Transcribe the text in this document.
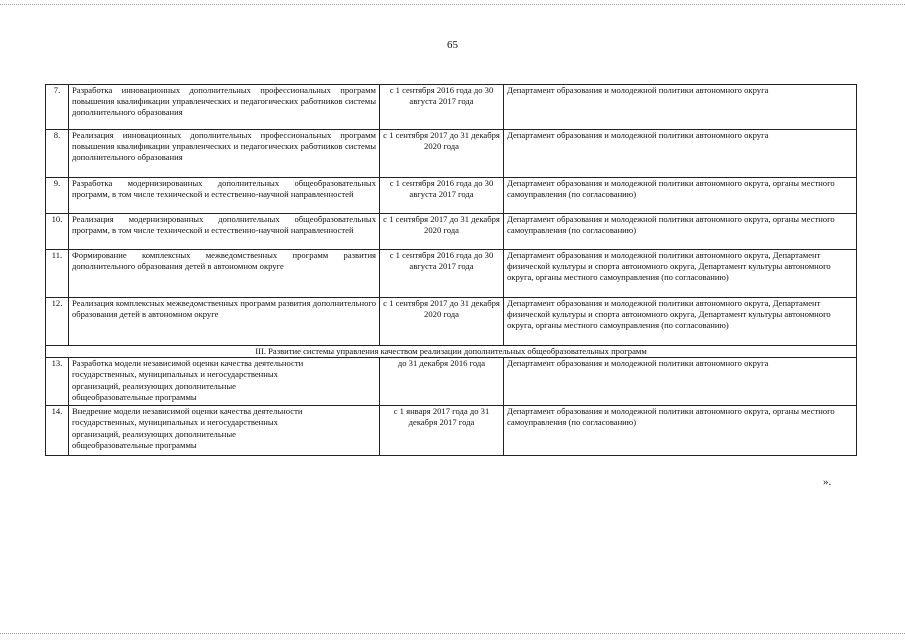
65
7.	Разработка инновационных дополнительных профессиональных программ повышения квалификации управленческих и педагогических работников системы дополнительного образования	с 1 сентября 2016 года до 30 августа 2017 года	Департамент образования и молодежной политики автономного округа
8.	Реализация инновационных дополнительных профессиональных программ повышения квалификации управленческих и педагогических работников системы дополнительного образования	с 1 сентября 2017 до 31 декабря 2020 года	Департамент образования и молодежной политики автономного округа
9.	Разработка модернизированных дополнительных общеобразовательных программ, в том числе технической и естественно-научной направленностей	с 1 сентября 2016 года до 30 августа 2017 года	Департамент образования и молодежной политики автономного округа, органы местного самоуправления (по согласованию)
10.	Реализация модернизированных дополнительных общеобразовательных программ, в том числе технической и естественно-научной направленностей	с 1 сентября 2017 до 31 декабря 2020 года	Департамент образования и молодежной политики автономного округа, органы местного самоуправления (по согласованию)
11.	Формирование комплексных межведомственных программ развития дополнительного образования детей в автономном округе	с 1 сентября 2016 года до 30 августа 2017 года	Департамент образования и молодежной политики автономного округа, Департамент физической культуры и спорта автономного округа, Департамент культуры автономного округа, органы местного самоуправления (по согласованию)
12.	Реализация комплексных межведомственных программ развития дополнительного образования детей в автономном округе	с 1 сентября 2017 до 31 декабря 2020 года	Департамент образования и молодежной политики автономного округа, Департамент физической культуры и спорта автономного округа, Департамент культуры автономного округа, органы местного самоуправления (по согласованию)
III. Развитие системы управления качеством реализации дополнительных общеобразовательных программ			
13.	Разработка модели независимой оценки качества деятельности
государственных, муниципальных и негосударственных
организаций, реализующих дополнительные
общеобразовательные программы	до 31 декабря 2016 года	Департамент образования и молодежной политики автономного округа
14.	Внедрение модели независимой оценки качества деятельности
государственных, муниципальных и негосударственных
организаций, реализующих дополнительные
общеобразовательные программы	с 1 января 2017 года до 31 декабря 2017 года	Департамент образования и молодежной политики автономного округа, органы местного самоуправления (по согласованию)
».
